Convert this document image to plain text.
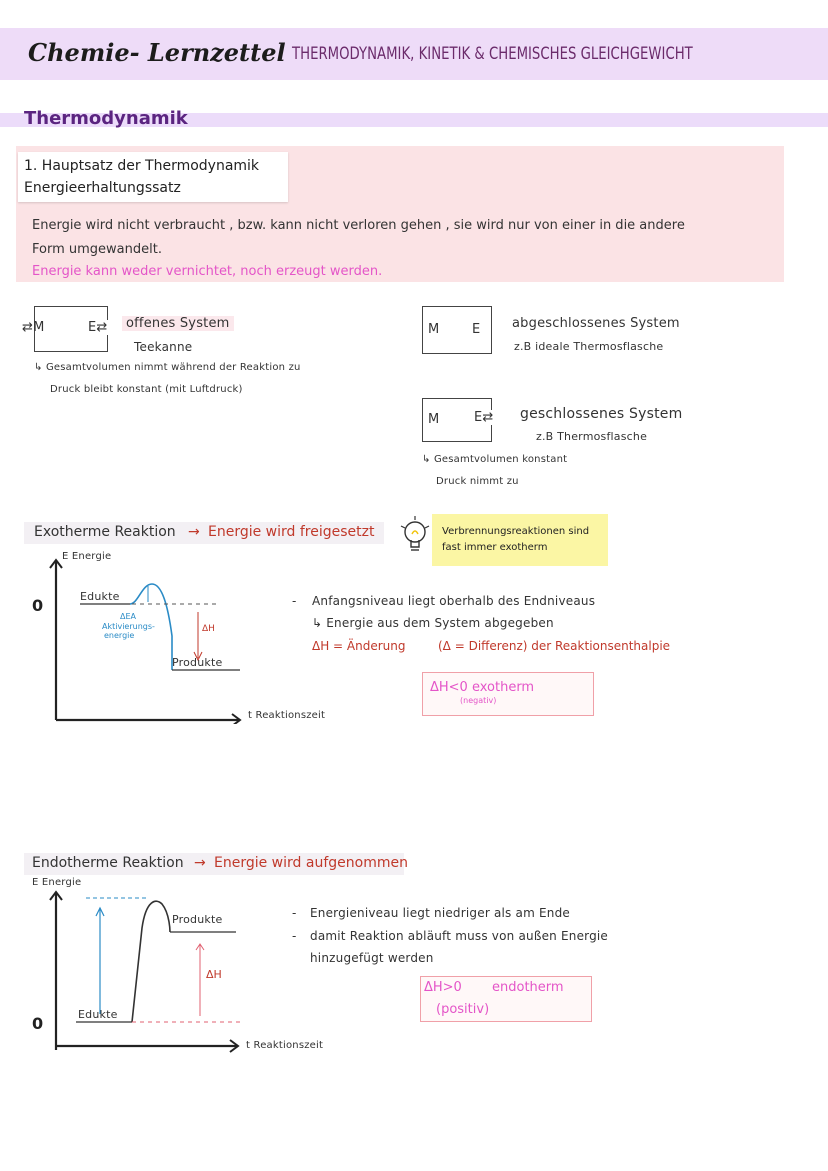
Chemie- Lernzettel THERMODYNAMIK, KINETIK & CHEMISCHES GLEICHGEWICHT
Thermodynamik
1. Hauptsatz der Thermodynamik
Energieerhaltungssatz
Energie wird nicht verbraucht , bzw. kann nicht verloren gehen , sie wird nur von einer in die andere
Form umgewandelt.
Energie kann weder vernichtet, noch erzeugt werden.
⇄M	E⇄	offenes System
Teekanne
↳ Gesamtvolumen nimmt während der Reaktion zu
Druck bleibt konstant (mit Luftdruck)
M	E abgeschlossenes System
z.B ideale Thermosflasche
M	E⇄ geschlossenes System
z.B Thermosflasche
↳ Gesamtvolumen konstant
Druck nimmt zu
Exotherme Reaktion → Energie wird freigesetzt	Verbrennungsreaktionen sind
fast immer exotherm
0
E Energie
Edukte
Produkte
ΔEA
Aktivierungs-
energie
ΔH
t Reaktionszeit
- Anfangsniveau liegt oberhalb des Endniveaus
↳ Energie aus dem System abgegeben
ΔH = Änderung	(Δ = Differenz) der Reaktionsenthalpie
ΔH<0 exotherm
(negativ)
Endotherme Reaktion → Energie wird aufgenommen
0
E Energie
Edukte
Produkte
ΔH
t Reaktionszeit
- Energieniveau liegt niedriger als am Ende
- damit Reaktion abläuft muss von außen Energie
hinzugefügt werden
ΔH>0 endotherm
(positiv)
